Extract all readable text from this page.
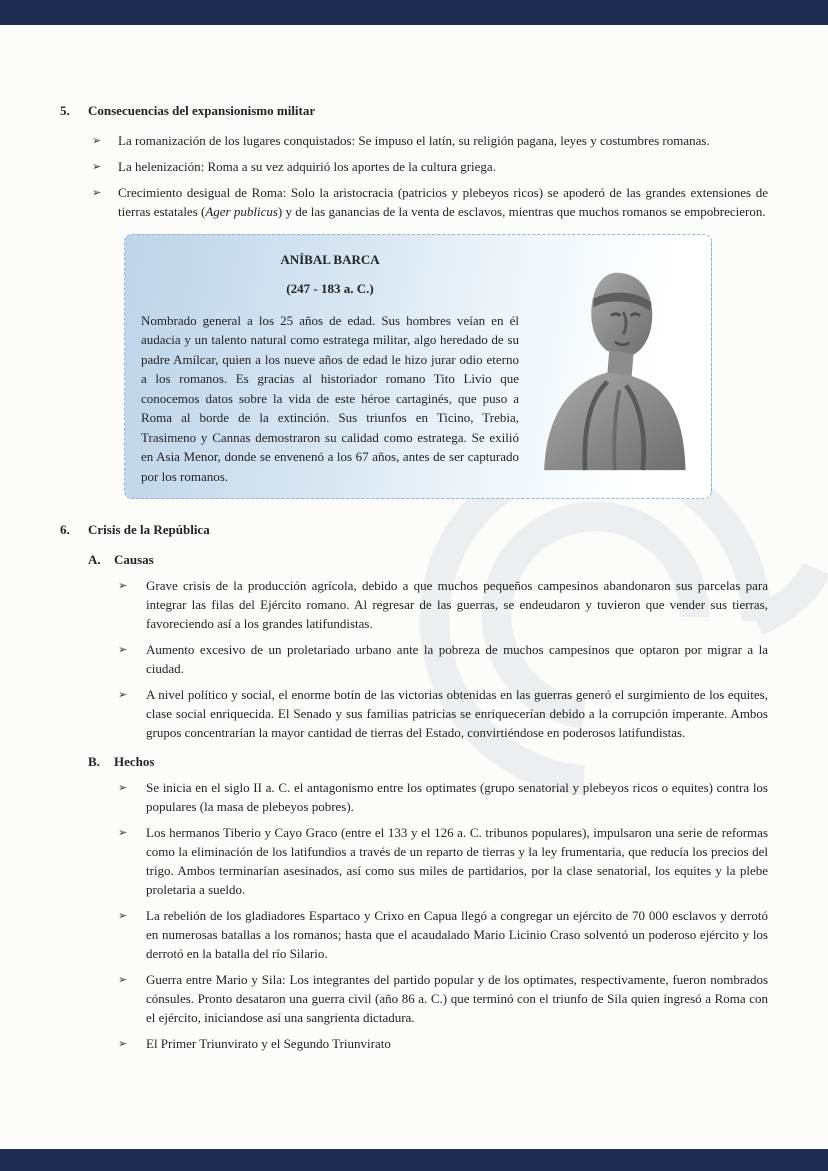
5.	Consecuencias del expansionismo militar
➢	La romanización de los lugares conquistados: Se impuso el latín, su religión pagana, leyes y costumbres romanas.
➢	La helenización: Roma a su vez adquirió los aportes de la cultura griega.
➢	Crecimiento desigual de Roma: Solo la aristocracia (patricios y plebeyos ricos) se apoderó de las grandes extensiones de tierras estatales (Ager publicus) y de las ganancias de la venta de esclavos, mientras que muchos romanos se empobrecieron.
ANÍBAL BARCA
(247 - 183 a. C.)
Nombrado general a los 25 años de edad. Sus hombres veían en él audacia y un talento natural como estratega militar, algo heredado de su padre Amílcar, quien a los nueve años de edad le hizo jurar odio eterno a los romanos. Es gracias al historiador romano Tito Livio que conocemos datos sobre la vida de este héroe cartaginés, que puso a Roma al borde de la extinción. Sus triunfos en Ticino, Trebia, Trasimeno y Cannas demostraron su calidad como estratega. Se exilió en Asia Menor, donde se envenenó a los 67 años, antes de ser capturado por los romanos.
6.	Crisis de la República
A.	Causas
➢	Grave crisis de la producción agrícola, debido a que muchos pequeños campesinos abandonaron sus parcelas para integrar las filas del Ejército romano. Al regresar de las guerras, se endeudaron y tuvieron que vender sus tierras, favoreciendo así a los grandes latifundistas.
➢	Aumento excesivo de un proletariado urbano ante la pobreza de muchos campesinos que optaron por migrar a la ciudad.
➢	A nivel político y social, el enorme botín de las victorias obtenidas en las guerras generó el surgimiento de los equites, clase social enriquecida. El Senado y sus familias patricias se enriquecerían debido a la corrupción imperante. Ambos grupos concentrarían la mayor cantidad de tierras del Estado, convirtiéndose en poderosos latifundistas.
B.	Hechos
➢	Se inicia en el siglo II a. C. el antagonismo entre los optimates (grupo senatorial y plebeyos ricos o equites) contra los populares (la masa de plebeyos pobres).
➢	Los hermanos Tiberio y Cayo Graco (entre el 133 y el 126 a. C. tribunos populares), impulsaron una serie de reformas como la eliminación de los latifundios a través de un reparto de tierras y la ley frumentaria, que reducía los precios del trigo. Ambos terminarían asesinados, así como sus miles de partidarios, por la clase senatorial, los equites y la plebe proletaria a sueldo.
➢	La rebelión de los gladiadores Espartaco y Crixo en Capua llegó a congregar un ejército de 70 000 esclavos y derrotó en numerosas batallas a los romanos; hasta que el acaudalado Mario Licinio Craso solventó un poderoso ejército y los derrotó en la batalla del río Silario.
➢	Guerra entre Mario y Sila: Los integrantes del partido popular y de los optimates, respectivamente, fueron nombrados cónsules. Pronto desataron una guerra civil (año 86 a. C.) que terminó con el triunfo de Sila quien ingresó a Roma con el ejército, iniciandose así una sangrienta dictadura.
➢	El Primer Triunvirato y el Segundo Triunvirato
